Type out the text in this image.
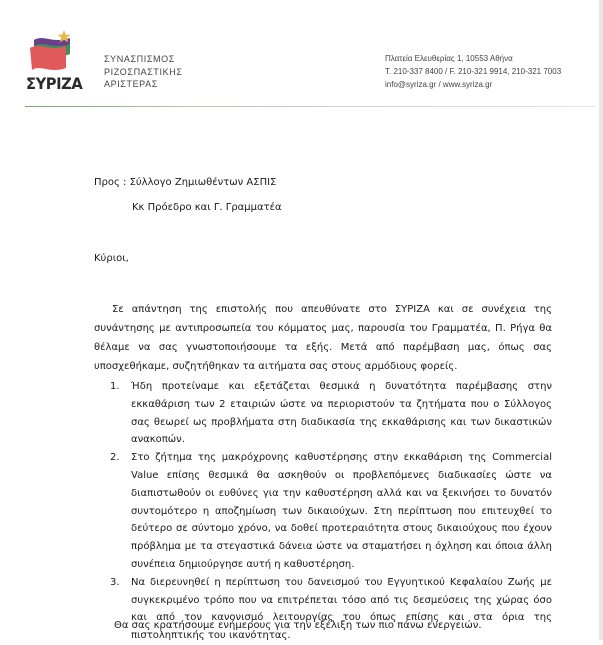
ΣΥΡΙΖΑ
ΣΥΝΑΣΠΙΣΜΟΣ
ΡΙΖΟΣΠΑΣΤΙΚΗΣ
ΑΡΙΣΤΕΡΑΣ
Πλατεία Ελευθερίας 1, 10553 Αθήνα
Τ. 210-337 8400 / F. 210-321 9914, 210-321 7003
info@syriza.gr / www.syriza.gr
Προς : Σύλλογο Ζημιωθέντων ΑΣΠΙΣ
Κκ Πρόεδρο και Γ. Γραμματέα
Κύριοι,
Σε απάντηση της επιστολής που απευθύνατε στο ΣΥΡΙΖΑ και σε συνέχεια της συνάντησης με αντιπροσωπεία του κόμματος μας, παρουσία του Γραμματέα, Π. Ρήγα θα θέλαμε να σας γνωστοποιήσουμε τα εξής. Μετά από παρέμβαση μας, όπως σας υποσχεθήκαμε, συζητήθηκαν τα αιτήματα σας στους αρμόδιους φορείς.
1. Ήδη προτείναμε και εξετάζεται θεσμικά η δυνατότητα παρέμβασης στην εκκαθάριση των 2 εταιριών ώστε να περιοριστούν τα ζητήματα που ο Σύλλογος σας θεωρεί ως προβλήματα στη διαδικασία της εκκαθάρισης και των δικαστικών ανακοπών.
2. Στο ζήτημα της μακρόχρονης καθυστέρησης στην εκκαθάριση της Commercial Value επίσης θεσμικά θα ασκηθούν οι προβλεπόμενες διαδικασίες ώστε να διαπιστωθούν οι ευθύνες για την καθυστέρηση αλλά και να ξεκινήσει το δυνατόν συντομότερο η αποζημίωση των δικαιούχων. Στη περίπτωση που επιτευχθεί το δεύτερο σε σύντομο χρόνο, να δοθεί προτεραιότητα στους δικαιούχους που έχουν πρόβλημα με τα στεγαστικά δάνεια ώστε να σταματήσει η όχληση και όποια άλλη συνέπεια δημιούργησε αυτή η καθυστέρηση.
3. Να διερευνηθεί η περίπτωση του δανεισμού του Εγγυητικού Κεφαλαίου Ζωής με συγκεκριμένο τρόπο που να επιτρέπεται τόσο από τις δεσμεύσεις της χώρας όσο και από τον κανονισμό λειτουργίας του όπως επίσης και στα όρια της πιστοληπτικής του ικανότητας.
Θα σας κρατήσουμε ενήμερους για την εξέλιξη των πιο πάνω ενεργειών.
